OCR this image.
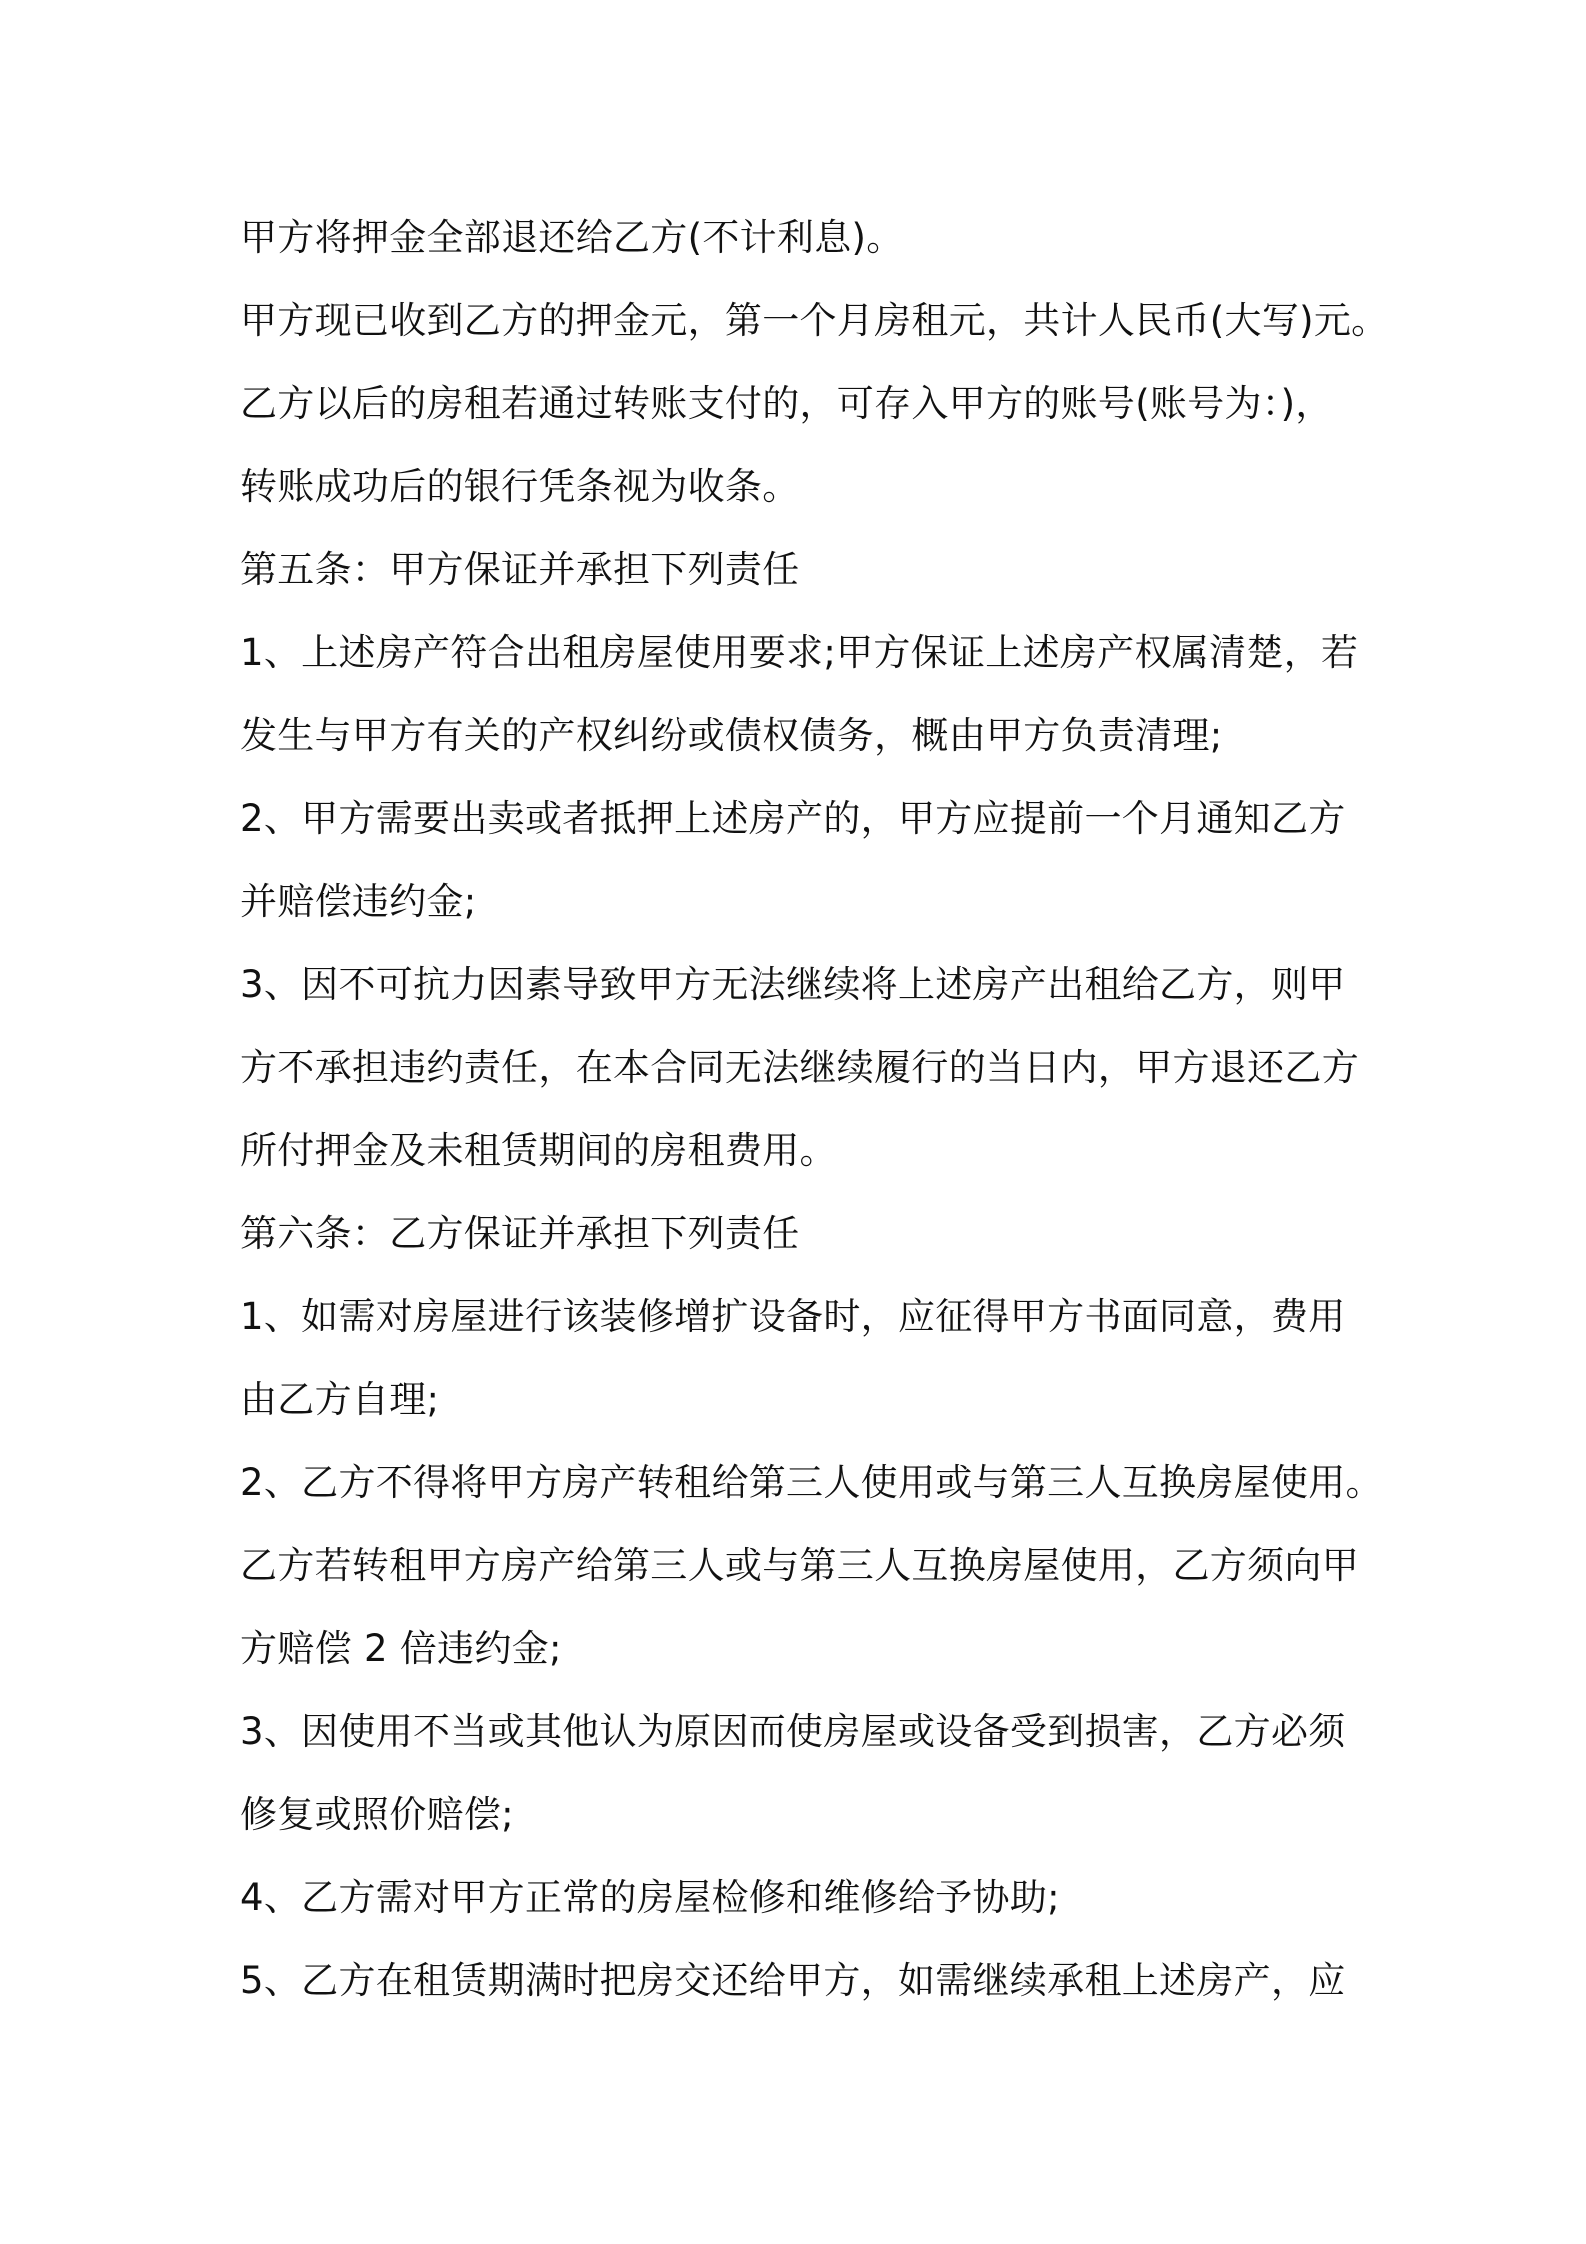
甲方将押金全部退还给乙方(不计利息)。
甲方现已收到乙方的押金元，第一个月房租元，共计人民币(大写)元。
乙方以后的房租若通过转账支付的，可存入甲方的账号(账号为：)，
转账成功后的银行凭条视为收条。
第五条：甲方保证并承担下列责任
1、上述房产符合出租房屋使用要求;甲方保证上述房产权属清楚，若
发生与甲方有关的产权纠纷或债权债务，概由甲方负责清理;
2、甲方需要出卖或者抵押上述房产的，甲方应提前一个月通知乙方
并赔偿违约金;
3、因不可抗力因素导致甲方无法继续将上述房产出租给乙方，则甲
方不承担违约责任，在本合同无法继续履行的当日内，甲方退还乙方
所付押金及未租赁期间的房租费用。
第六条：乙方保证并承担下列责任
1、如需对房屋进行该装修增扩设备时，应征得甲方书面同意，费用
由乙方自理;
2、乙方不得将甲方房产转租给第三人使用或与第三人互换房屋使用。
乙方若转租甲方房产给第三人或与第三人互换房屋使用，乙方须向甲
方赔偿 2 倍违约金;
3、因使用不当或其他认为原因而使房屋或设备受到损害，乙方必须
修复或照价赔偿;
4、乙方需对甲方正常的房屋检修和维修给予协助;
5、乙方在租赁期满时把房交还给甲方，如需继续承租上述房产，应
